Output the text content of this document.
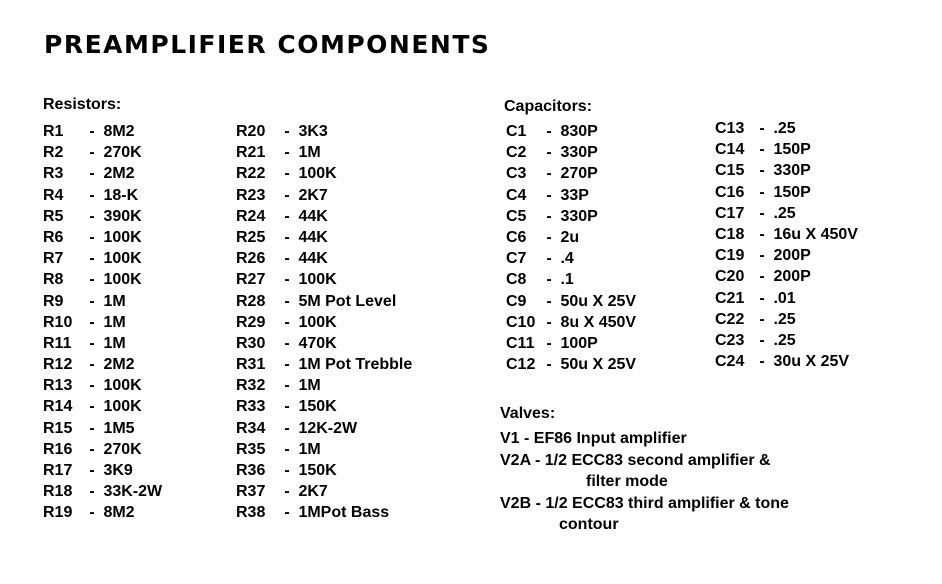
PREAMPLIFIER COMPONENTS
Resistors:
R1 - 8M2
R2 - 270K
R3 - 2M2
R4 - 18-K
R5 - 390K
R6 - 100K
R7 - 100K
R8 - 100K
R9 - 1M
R10 - 1M
R11 - 1M
R12 - 2M2
R13 - 100K
R14 - 100K
R15 - 1M5
R16 - 270K
R17 - 3K9
R18 - 33K-2W
R19 - 8M2
R20 - 3K3
R21 - 1M
R22 - 100K
R23 - 2K7
R24 - 44K
R25 - 44K
R26 - 44K
R27 - 100K
R28 - 5M Pot Level
R29 - 100K
R30 - 470K
R31 - 1M Pot Trebble
R32 - 1M
R33 - 150K
R34 - 12K-2W
R35 - 1M
R36 - 150K
R37 - 2K7
R38 - 1MPot Bass
Capacitors:
C1 - 830P
C2 - 330P
C3 - 270P
C4 - 33P
C5 - 330P
C6 - 2u
C7 - .4
C8 - .1
C9 - 50u X 25V
C10 - 8u X 450V
C11 - 100P
C12 - 50u X 25V
C13 - .25
C14 - 150P
C15 - 330P
C16 - 150P
C17 - .25
C18 - 16u X 450V
C19 - 200P
C20 - 200P
C21 - .01
C22 - .25
C23 - .25
C24 - 30u X 25V
Valves:
V1 - EF86 Input amplifier
V2A - 1/2 ECC83 second amplifier &
filter mode
V2B - 1/2 ECC83 third amplifier & tone
contour
